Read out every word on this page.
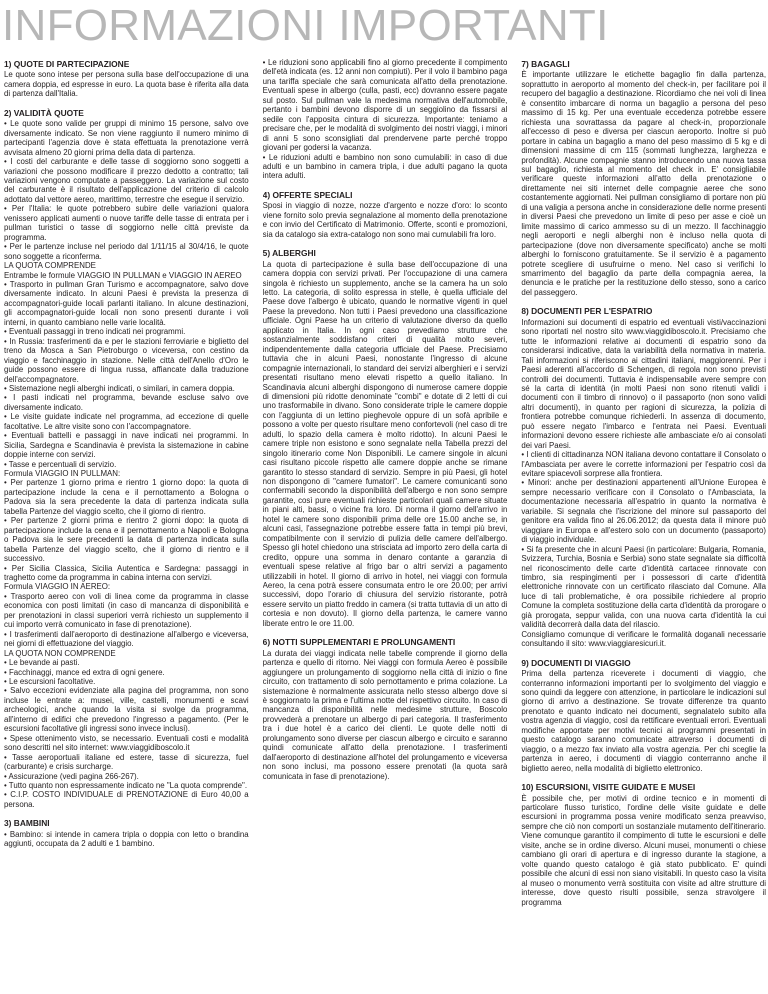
INFORMAZIONI IMPORTANTI

1) QUOTE DI PARTECIPAZIONE

Le quote sono intese per persona sulla base dell'occupazione di una camera doppia, ed espresse in euro. La quota base è riferita alla data di partenza dall'Italia.

2) VALIDITÀ QUOTE

• Le quote sono valide per gruppi di minimo 15 persone, salvo ove diversamente indicato. Se non viene raggiunto il numero minimo di partecipanti l'agenzia dove è stata effettuata la prenotazione verrà avvisata almeno 20 giorni prima della data di partenza.

• I costi del carburante e delle tasse di soggiorno sono soggetti a variazioni che possono modificare il prezzo dedotto a contratto; tali variazioni vengono computate a passeggero. La variazione sul costo del carburante è il risultato dell'applicazione del criterio di calcolo adottato dal vettore aereo, marittimo, terrestre che esegue il servizio.

• Per l'Italia: le quote potrebbero subire delle variazioni qualora venissero applicati aumenti o nuove tariffe delle tasse di entrata per i pullman turistici o tasse di soggiorno nelle città previste da programma.

• Per le partenze incluse nel periodo dal 1/11/15 al 30/4/16, le quote sono soggette a riconferma.

LA QUOTA COMPRENDE

Entrambe le formule VIAGGIO IN PULLMAN e VIAGGIO IN AEREO

• Trasporto in pullman Gran Turismo e accompagnatore, salvo dove diversamente indicato. In alcuni Paesi è prevista la presenza di accompagnatori-guide locali parlanti italiano. In alcune destinazioni, gli accompagnatori-guide locali non sono presenti durante i voli interni, in quanto cambiano nelle varie località.

• Eventuali passaggi in treno indicati nei programmi.

• In Russia: trasferimenti da e per le stazioni ferroviarie e biglietto del treno da Mosca a San Pietroburgo o viceversa, con cestino da viaggio e facchinaggio in stazione. Nelle città dell'Anello d'Oro le guide possono essere di lingua russa, affiancate dalla traduzione dell'accompagnatore.

• Sistemazione negli alberghi indicati, o similari, in camera doppia.

• I pasti indicati nel programma, bevande escluse salvo ove diversamente indicato.

• Le visite guidate indicate nel programma, ad eccezione di quelle facoltative. Le altre visite sono con l'accompagnatore.

• Eventuali battelli e passaggi in nave indicati nei programmi. In Sicilia, Sardegna e Scandinavia è prevista la sistemazione in cabine doppie interne con servizi.

• Tasse e percentuali di servizio.

Formula VIAGGIO IN PULLMAN:

• Per partenze 1 giorno prima e rientro 1 giorno dopo: la quota di partecipazione include la cena e il pernottamento a Bologna o Padova sia la sera precedente la data di partenza indicata sulla tabella Partenze del viaggio scelto, che il giorno di rientro.

• Per partenze 2 giorni prima e rientro 2 giorni dopo: la quota di partecipazione include la cena e il pernottamento a Napoli e Bologna o Padova sia le sere precedenti la data di partenza indicata sulla tabella Partenze del viaggio scelto, che il giorno di rientro e il successivo.

• Per Sicilia Classica, Sicilia Autentica e Sardegna: passaggi in traghetto come da programma in cabina interna con servizi.

Formula VIAGGIO IN AEREO:

• Trasporto aereo con voli di linea come da programma in classe economica con posti limitati (in caso di mancanza di disponibilità e per prenotazioni in classi superiori verrà richiesto un supplemento il cui importo verrà comunicato in fase di prenotazione).

• I trasferimenti dall'aeroporto di destinazione all'albergo e viceversa, nei giorni di effettuazione del viaggio.

LA QUOTA NON COMPRENDE

• Le bevande ai pasti.

• Facchinaggi, mance ed extra di ogni genere.

• Le escursioni facoltative.

• Salvo eccezioni evidenziate alla pagina del programma, non sono incluse le entrate a: musei, ville, castelli, monumenti e scavi archeologici, anche quando la visita si svolge da programma, all'interno di edifici che prevedono l'ingresso a pagamento. (Per le escursioni facoltative gli ingressi sono invece inclusi).

• Spese ottenimento visto, se necessario. Eventuali costi e modalità sono descritti nel sito internet: www.viaggidiboscolo.it

• Tasse aeroportuali italiane ed estere, tasse di sicurezza, fuel (carburante) e crisis surcharge.

• Assicurazione (vedi pagina 266-267).

• Tutto quanto non espressamente indicato ne "La quota comprende".

• C.I.P. COSTO INDIVIDUALE di PRENOTAZIONE di Euro 40,00 a persona.

3) BAMBINI

• Bambino: si intende in camera tripla o doppia con letto o brandina aggiunti, occupata da 2 adulti e 1 bambino.

• Le riduzioni sono applicabili fino al giorno precedente il compimento dell'età indicata (es. 12 anni non compiuti). Per il volo il bambino paga una tariffa speciale che sarà comunicata all'atto della prenotazione. Eventuali spese in albergo (culla, pasti, ecc) dovranno essere pagate sul posto. Sul pullman vale la medesima normativa dell'automobile, pertanto i bambini devono disporre di un seggiolino da fissarsi al sedile con l'apposita cintura di sicurezza. Importante: teniamo a precisare che, per le modalità di svolgimento dei nostri viaggi, i minori di anni 5 sono sconsigliati dal prendervene parte perché troppo giovani per godersi la vacanza.

• Le riduzioni adulti e bambino non sono cumulabili: in caso di due adulti e un bambino in camera tripla, i due adulti pagano la quota intera adulti.

4) OFFERTE SPECIALI

Sposi in viaggio di nozze, nozze d'argento e nozze d'oro: lo sconto viene fornito solo previa segnalazione al momento della prenotazione e con invio del Certificato di Matrimonio. Offerte, sconti e promozioni, sia da catalogo sia extra-catalogo non sono mai cumulabili fra loro.

5) ALBERGHI

La quota di partecipazione è sulla base dell'occupazione di una camera doppia con servizi privati. Per l'occupazione di una camera singola è richiesto un supplemento, anche se la camera ha un solo letto. La categoria, di solito espressa in stelle, è quella ufficiale del Paese dove l'albergo è ubicato, quando le normative vigenti in quel Paese la prevedono. Non tutti i Paesi prevedono una classificazione ufficiale. Ogni Paese ha un criterio di valutazione diverso da quello applicato in Italia. In ogni caso prevediamo strutture che sostanzialmente soddisfano criteri di qualità molto severi, indipendentemente dalla categoria ufficiale del Paese. Precisiamo tuttavia che in alcuni Paesi, nonostante l'ingresso di alcune compagnie internazionali, lo standard dei servizi alberghieri e i servizi presentati risultano meno elevati rispetto a quello italiano. In Scandinavia alcuni alberghi dispongono di numerose camere doppie di dimensioni più ridotte denominate "combi" e dotate di 2 letti di cui uno trasformabile in divano. Sono considerate triple le camere doppie con l'aggiunta di un lettino pieghevole oppure di un sofà apribile e possono a volte per questo risultare meno confortevoli (nel caso di tre adulti, lo spazio della camera è molto ridotto). In alcuni Paesi le camere triple non esistono e sono segnalate nella Tabella prezzi del singolo itinerario come Non Disponibili. Le camere singole in alcuni casi risultano piccole rispetto alle camere doppie anche se rimane garantito lo stesso standard di servizio. Sempre in più Paesi, gli hotel non dispongono di "camere fumatori". Le camere comunicanti sono confermabili secondo la disponibilità dell'albergo e non sono sempre garantite, così pure eventuali richieste particolari quali camere situate in piani alti, bassi, o vicine fra loro. Di norma il giorno dell'arrivo in hotel le camere sono disponibili prima delle ore 15.00 anche se, in alcuni casi, l'assegnazione potrebbe essere fatta in tempi più brevi, compatibilmente con il servizio di pulizia delle camere dell'albergo. Spesso gli hotel chiedono una strisciata ad importo zero della carta di credito, oppure una somma in denaro contante a garanzia di eventuali spese relative al frigo bar o altri servizi a pagamento utilizzabili in hotel. Il giorno di arrivo in hotel, nei viaggi con formula Aereo, la cena potrà essere consumata entro le ore 20.00; per arrivi successivi, dopo l'orario di chiusura del servizio ristorante, potrà essere servito un piatto freddo in camera (si tratta tuttavia di un atto di cortesia e non dovuto). Il giorno della partenza, le camere vanno liberate entro le ore 11.00.

6) NOTTI SUPPLEMENTARI E PROLUNGAMENTI

La durata dei viaggi indicata nelle tabelle comprende il giorno della partenza e quello di ritorno. Nei viaggi con formula Aereo è possibile aggiungere un prolungamento di soggiorno nella città di inizio o fine circuito, con trattamento di solo pernottamento e prima colazione. La sistemazione è normalmente assicurata nello stesso albergo dove si è soggiornato la prima e l'ultima notte del rispettivo circuito. In caso di mancanza di disponibilità nelle medesime strutture, Boscolo provvederà a prenotare un albergo di pari categoria. Il trasferimento tra i due hotel è a carico dei clienti. Le quote delle notti di prolungamento sono diverse per ciascun albergo e circuito e saranno quindi comunicate all'atto della prenotazione. I trasferimenti dall'aeroporto di destinazione all'hotel del prolungamento e viceversa non sono inclusi, ma possono essere prenotati (la quota sarà comunicata in fase di prenotazione).

7) BAGAGLI

È importante utilizzare le etichette bagaglio fin dalla partenza, soprattutto in aeroporto al momento del check-in, per facilitare poi il recupero del bagaglio a destinazione. Ricordiamo che nei voli di linea è consentito imbarcare di norma un bagaglio a persona del peso massimo di 15 kg. Per una eventuale eccedenza potrebbe essere richiesta una sovrattassa da pagare al check-in, proporzionale all'eccesso di peso e diversa per ciascun aeroporto. Inoltre si può portare in cabina un bagaglio a mano del peso massimo di 5 kg e di dimensioni massime di cm 115 (sommati lunghezza, larghezza e profondità). Alcune compagnie stanno introducendo una nuova tassa sul bagaglio, richiesta al momento del check in. E' consigliabile verificare queste informazioni all'atto della prenotazione o direttamente nei siti internet delle compagnie aeree che sono costantemente aggiornati. Nei pullman consigliamo di portare non più di una valigia a persona anche in considerazione delle norme presenti in diversi Paesi che prevedono un limite di peso per asse e cioè un limite massimo di carico ammesso su di un mezzo. Il facchinaggio negli aeroporti e negli alberghi non è incluso nella quota di partecipazione (dove non diversamente specificato) anche se molti alberghi lo forniscono gratuitamente. Se il servizio è a pagamento potrete scegliere di usufruirne o meno. Nel caso si verifichi lo smarrimento del bagaglio da parte della compagnia aerea, la denuncia e le pratiche per la restituzione dello stesso, sono a carico del passeggero.

8) DOCUMENTI PER L'ESPATRIO

Informazioni sui documenti di espatrio ed eventuali visti/vaccinazioni sono riportati nel nostro sito www.viaggidiboscolo.it. Precisiamo che tutte le informazioni relative ai documenti di espatrio sono da considerarsi indicative, data la variabilità della normativa in materia. Tali informazioni si riferiscono ai cittadini italiani, maggiorenni. Per i Paesi aderenti all'accordo di Schengen, di regola non sono previsti controlli dei documenti. Tuttavia è indispensabile avere sempre con sé la carta di identità (in molti Paesi non sono ritenuti validi i documenti con il timbro di rinnovo) o il passaporto (non sono validi altri documenti), in quanto per ragioni di sicurezza, la polizia di frontiera potrebbe comunque richiederli. In assenza di documento, può essere negato l'imbarco e l'entrata nei Paesi. Eventuali informazioni devono essere richieste alle ambasciate e/o ai consolati dei vari Paesi.

• I clienti di cittadinanza NON italiana devono contattare il Consolato o l'Ambasciata per avere le corrette informazioni per l'espatrio così da evitare spiacevoli sorprese alla frontiera.

• Minori: anche per destinazioni appartenenti all'Unione Europea è sempre necessario verificare con il Consolato o l'Ambasciata, la documentazione necessaria all'espatrio in quanto la normativa è variabile. Si segnala che l'iscrizione del minore sul passaporto del genitore era valida fino al 26.06.2012; da questa data il minore può viaggiare in Europa e all'estero solo con un documento (passaporto) di viaggio individuale.

• Si fa presente che in alcuni Paesi (in particolare: Bulgaria, Romania, Svizzera, Turchia, Bosnia e Serbia) sono state segnalate sia difficoltà nel riconoscimento delle carte d'identità cartacee rinnovate con timbro, sia respingimenti per i possessori di carte d'identità elettroniche rinnovate con un certificato rilasciato dal Comune. Alla luce di tali problematiche, è ora possibile richiedere al proprio Comune la completa sostituzione della carta d'identità da prorogare o già prorogata, seppur valida, con una nuova carta d'identità la cui validità decorrerà dalla data del rilascio.

Consigliamo comunque di verificare le formalità doganali necessarie consultando il sito: www.viaggiaresicuri.it.

9) DOCUMENTI DI VIAGGIO

Prima della partenza riceverete i documenti di viaggio, che conterranno informazioni importanti per lo svolgimento del viaggio e sono quindi da leggere con attenzione, in particolare le indicazioni sul giorno di arrivo a destinazione. Se trovate differenze tra quanto prenotato e quanto indicato nei documenti, segnalatelo subito alla vostra agenzia di viaggio, così da rettificare eventuali errori. Eventuali modifiche apportate per motivi tecnici ai programmi presentati in questo catalogo saranno comunicate attraverso i documenti di viaggio, o a mezzo fax inviato alla vostra agenzia. Per chi sceglie la partenza in aereo, i documenti di viaggio conterranno anche il biglietto aereo, nella modalità di biglietto elettronico.

10) ESCURSIONI, VISITE GUIDATE E MUSEI

È possibile che, per motivi di ordine tecnico e in momenti di particolare flusso turistico, l'ordine delle visite guidate e delle escursioni in programma possa venire modificato senza preavviso, sempre che ciò non comporti un sostanziale mutamento dell'itinerario. Viene comunque garantito il compimento di tutte le escursioni e delle visite, anche se in ordine diverso. Alcuni musei, monumenti o chiese cambiano gli orari di apertura e di ingresso durante la stagione, a volte quando questo catalogo è già stato pubblicato. E' quindi possibile che alcuni di essi non siano visitabili. In questo caso la visita al museo o monumento verrà sostituita con visite ad altre strutture di interesse, dove questo risulti possibile, senza stravolgere il programma
